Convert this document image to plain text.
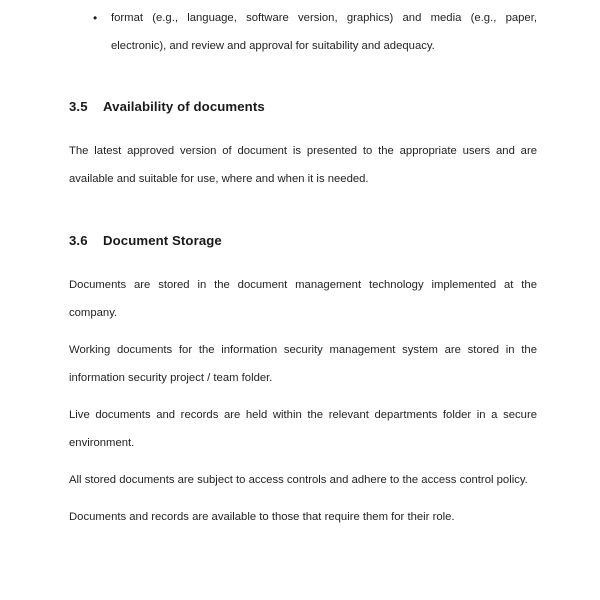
• format (e.g., language, software version, graphics) and media (e.g., paper, electronic), and review and approval for suitability and adequacy.
3.5	Availability of documents

The latest approved version of document is presented to the appropriate users and are available and suitable for use, where and when it is needed.

3.6	Document Storage

Documents are stored in the document management technology implemented at the company.

Working documents for the information security management system are stored in the information security project / team folder.

Live documents and records are held within the relevant departments folder in a secure environment.

All stored documents are subject to access controls and adhere to the access control policy.

Documents and records are available to those that require them for their role.
